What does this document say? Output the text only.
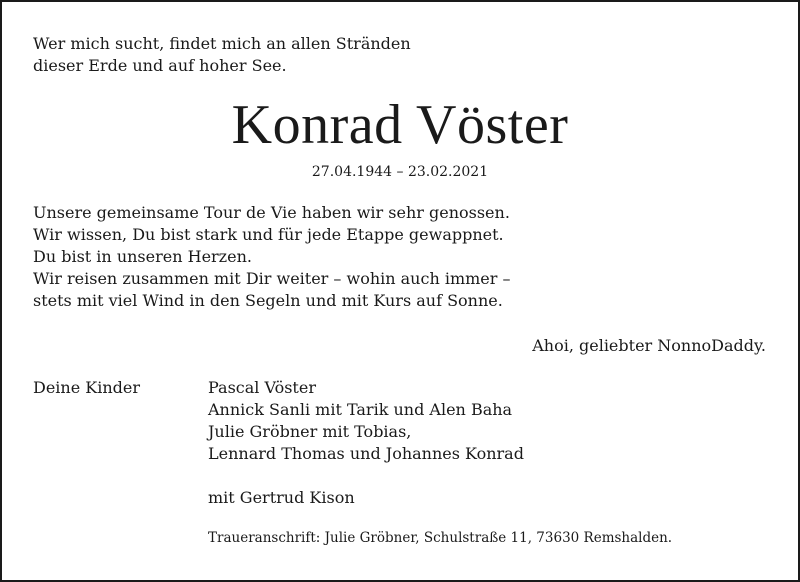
Wer mich sucht, findet mich an allen Stränden
dieser Erde und auf hoher See.
Konrad Vöster
27.04.1944 – 23.02.2021
Unsere gemeinsame Tour de Vie haben wir sehr genossen.
Wir wissen, Du bist stark und für jede Etappe gewappnet.
Du bist in unseren Herzen.
Wir reisen zusammen mit Dir weiter – wohin auch immer –
stets mit viel Wind in den Segeln und mit Kurs auf Sonne.
Ahoi, geliebter NonnoDaddy.
Deine Kinder	Pascal Vöster
Annick Sanli mit Tarik und Alen Baha
Julie Gröbner mit Tobias,
Lennard Thomas und Johannes Konrad
mit Gertrud Kison
Traueranschrift: Julie Gröbner, Schulstraße 11, 73630 Remshalden.
